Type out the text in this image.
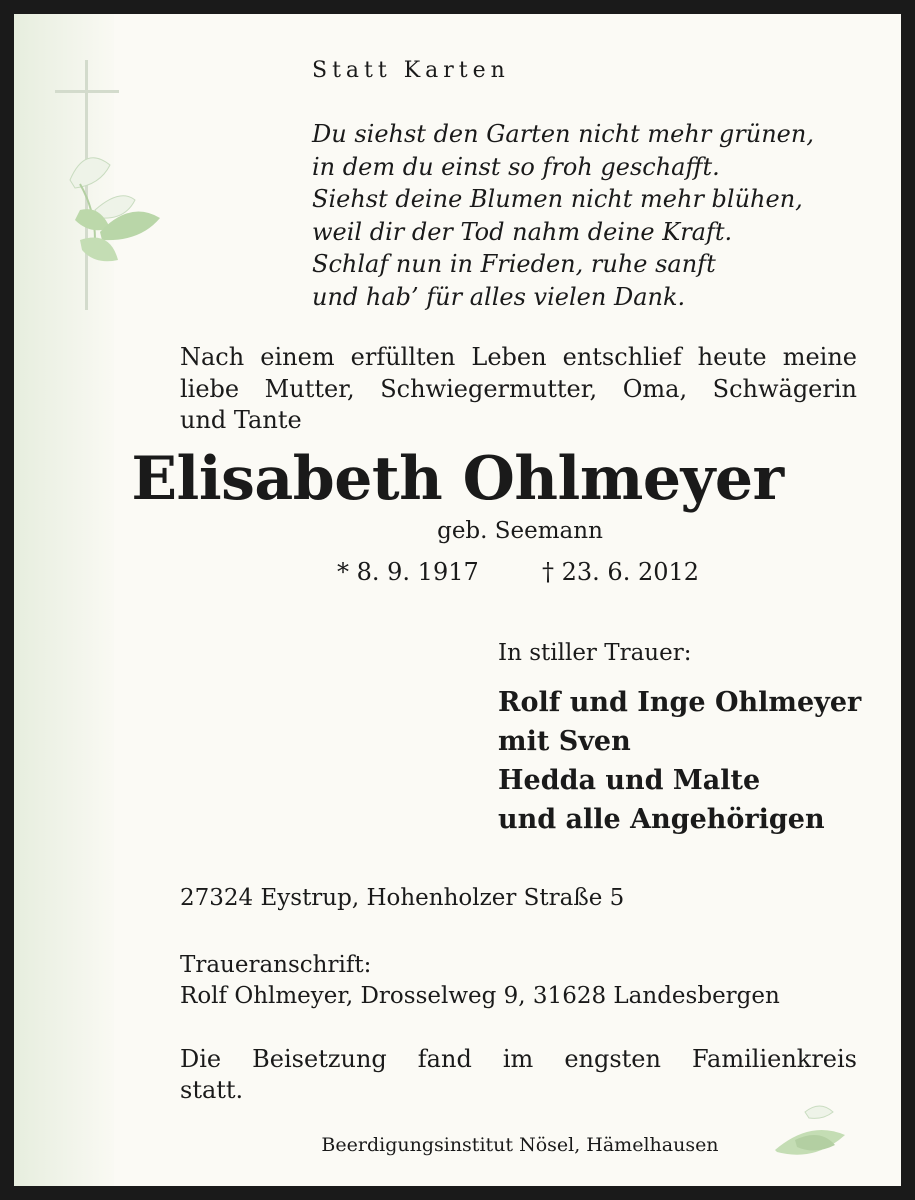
Statt Karten

Du siehst den Garten nicht mehr grünen,
in dem du einst so froh geschafft.
Siehst deine Blumen nicht mehr blühen,
weil dir der Tod nahm deine Kraft.
Schlaf nun in Frieden, ruhe sanft
und hab’ für alles vielen Dank.
Nach einem erfüllten Leben entschlief heute meine
liebe Mutter, Schwiegermutter, Oma, Schwägerin
und Tante

Elisabeth Ohlmeyer

geb. Seemann

* 8. 9. 1917	† 23. 6. 2012

In stiller Trauer:

Rolf und Inge Ohlmeyer
mit Sven
Hedda und Malte
und alle Angehörigen

27324 Eystrup, Hohenholzer Straße 5

Traueranschrift:
Rolf Ohlmeyer, Drosselweg 9, 31628 Landesbergen
Die Beisetzung fand im engsten Familienkreis
statt.

Beerdigungsinstitut Nösel, Hämelhausen
